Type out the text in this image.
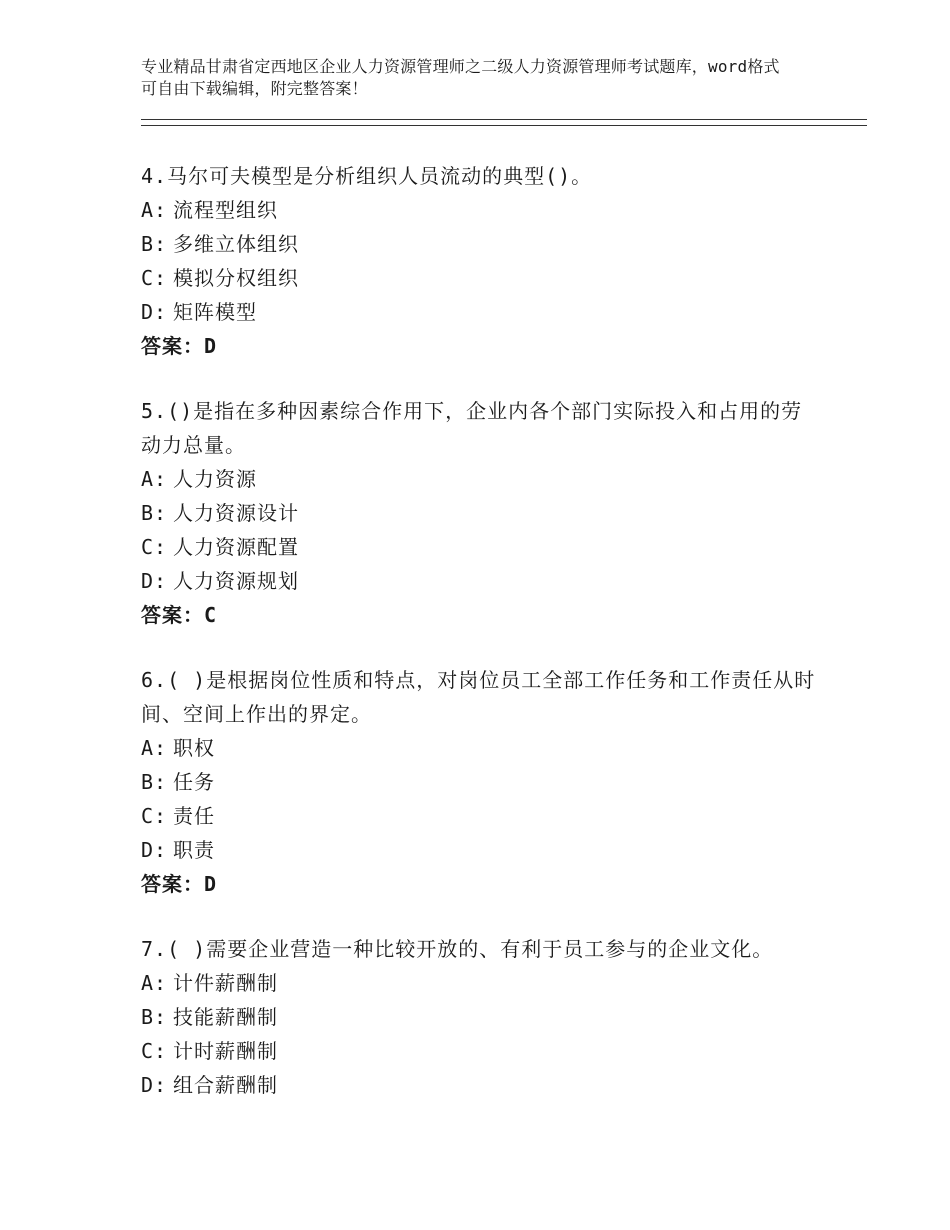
专业精品甘肃省定西地区企业人力资源管理师之二级人力资源管理师考试题库，word格式可自由下载编辑，附完整答案！
4.马尔可夫模型是分析组织人员流动的典型()。
A: 流程型组织
B: 多维立体组织
C: 模拟分权组织
D: 矩阵模型
答案：D
5.()是指在多种因素综合作用下，企业内各个部门实际投入和占用的劳动力总量。
A: 人力资源
B: 人力资源设计
C: 人力资源配置
D: 人力资源规划
答案：C
6.( )是根据岗位性质和特点，对岗位员工全部工作任务和工作责任从时间、空间上作出的界定。
A: 职权
B: 任务
C: 责任
D: 职责
答案：D
7.( )需要企业营造一种比较开放的、有利于员工参与的企业文化。
A: 计件薪酬制
B: 技能薪酬制
C: 计时薪酬制
D: 组合薪酬制
